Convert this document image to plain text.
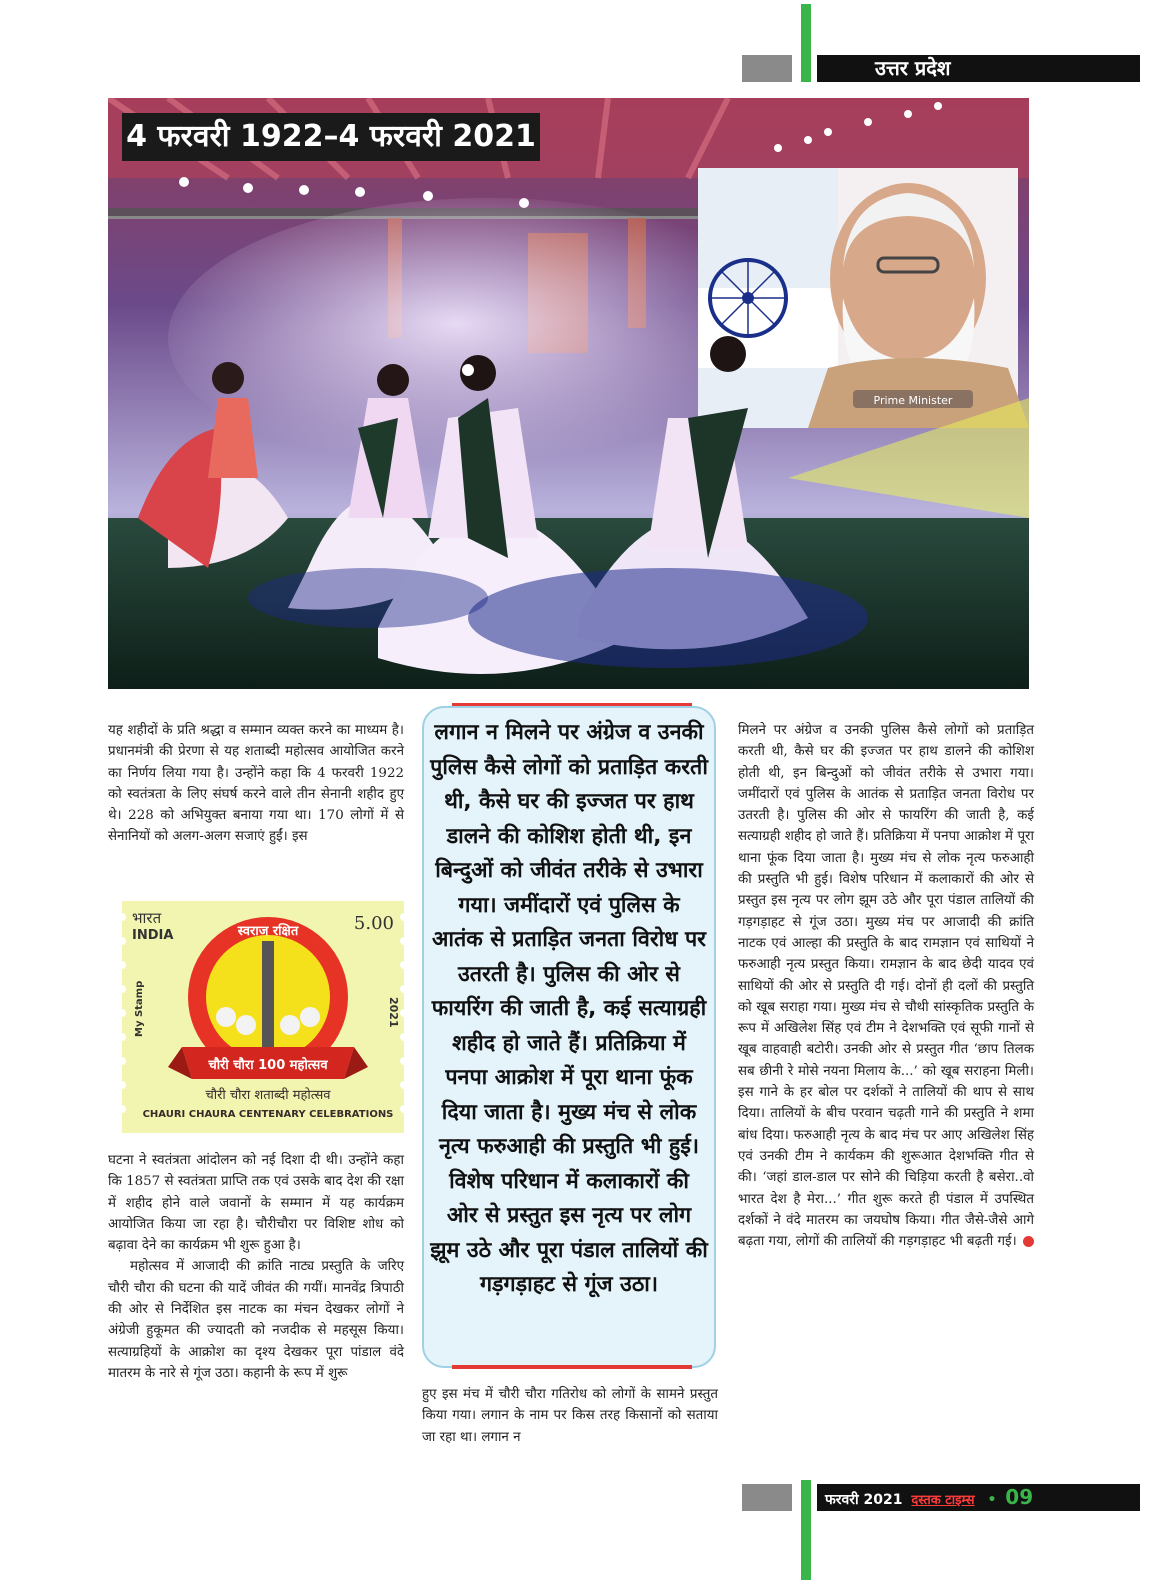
उत्तर प्रदेश
Prime Minister
4 फरवरी 1922–4 फरवरी 2021

यह शहीदों के प्रति श्रद्धा व सम्मान व्यक्त करने का माध्यम है। प्रधानमंत्री की प्रेरणा से यह शताब्दी महोत्सव आयोजित करने का निर्णय लिया गया है। उन्होंने कहा कि 4 फरवरी 1922 को स्वतंत्रता के लिए संघर्ष करने वाले तीन सेनानी शहीद हुए थे। 228 को अभियुक्त बनाया गया था। 170 लोगों में से सेनानियों को अलग-अलग सजाएं हुईं। इस

चौरी चौरा 100 महोत्सव
स्वराज रक्षित
भारत
INDIA
5.00
My Stamp	2021
चौरी चौरा शताब्दी महोत्सव
CHAURI CHAURA CENTENARY CELEBRATIONS

घटना ने स्वतंत्रता आंदोलन को नई दिशा दी थी। उन्होंने कहा कि 1857 से स्वतंत्रता प्राप्ति तक एवं उसके बाद देश की रक्षा में शहीद होने वाले जवानों के सम्मान में यह कार्यक्रम आयोजित किया जा रहा है। चौरीचौरा पर विशिष्ट शोध को बढ़ावा देने का कार्यक्रम भी शुरू हुआ है।

महोत्सव में आजादी की क्रांति नाट्य प्रस्तुति के जरिए चौरी चौरा की घटना की यादें जीवंत की गयीं। मानवेंद्र त्रिपाठी की ओर से निर्देशित इस नाटक का मंचन देखकर लोगों ने अंग्रेजी हुकूमत की ज्यादती को नजदीक से महसूस किया। सत्याग्रहियों के आक्रोश का दृश्य देखकर पूरा पांडाल वंदे मातरम के नारे से गूंज उठा। कहानी के रूप में शुरू

लगान न मिलने पर अंग्रेज व उनकी पुलिस कैसे लोगों को प्रताड़ित करती थी, कैसे घर की इज्जत पर हाथ डालने की कोशिश होती थी, इन बिन्दुओं को जीवंत तरीके से उभारा गया। जमींदारों एवं पुलिस के आतंक से प्रताड़ित जनता विरोध पर उतरती है। पुलिस की ओर से फायरिंग की जाती है, कई सत्याग्रही शहीद हो जाते हैं। प्रतिक्रिया में पनपा आक्रोश में पूरा थाना फूंक दिया जाता है। मुख्य मंच से लोक नृत्य फरुआही की प्रस्तुति भी हुई। विशेष परिधान में कलाकारों की ओर से प्रस्तुत इस नृत्य पर लोग झूम उठे और पूरा पंडाल तालियों की गड़गड़ाहट से गूंज उठा।

हुए इस मंच में चौरी चौरा गतिरोध को लोगों के सामने प्रस्तुत किया गया। लगान के नाम पर किस तरह किसानों को सताया जा रहा था। लगान न

मिलने पर अंग्रेज व उनकी पुलिस कैसे लोगों को प्रताड़ित करती थी, कैसे घर की इज्जत पर हाथ डालने की कोशिश होती थी, इन बिन्दुओं को जीवंत तरीके से उभारा गया। जमींदारों एवं पुलिस के आतंक से प्रताड़ित जनता विरोध पर उतरती है। पुलिस की ओर से फायरिंग की जाती है, कई सत्याग्रही शहीद हो जाते हैं। प्रतिक्रिया में पनपा आक्रोश में पूरा थाना फूंक दिया जाता है। मुख्य मंच से लोक नृत्य फरुआही की प्रस्तुति भी हुई। विशेष परिधान में कलाकारों की ओर से प्रस्तुत इस नृत्य पर लोग झूम उठे और पूरा पंडाल तालियों की गड़गड़ाहट से गूंज उठा। मुख्य मंच पर आजादी की क्रांति नाटक एवं आल्हा की प्रस्तुति के बाद रामज्ञान एवं साथियों ने फरुआही नृत्य प्रस्तुत किया। रामज्ञान के बाद छेदी यादव एवं साथियों की ओर से प्रस्तुति दी गई। दोनों ही दलों की प्रस्तुति को खूब सराहा गया। मुख्य मंच से चौथी सांस्कृतिक प्रस्तुति के रूप में अखिलेश सिंह एवं टीम ने देशभक्ति एवं सूफी गानों से खूब वाहवाही बटोरी। उनकी ओर से प्रस्तुत गीत ‘छाप तिलक सब छीनी रे मोसे नयना मिलाय के...’ को खूब सराहना मिली। इस गाने के हर बोल पर दर्शकों ने तालियों की थाप से साथ दिया। तालियों के बीच परवान चढ़ती गाने की प्रस्तुति ने शमा बांध दिया। फरुआही नृत्य के बाद मंच पर आए अखिलेश सिंह एवं उनकी टीम ने कार्यकम की शुरूआत देशभक्ति गीत से की। ‘जहां डाल-डाल पर सोने की चिड़िया करती है बसेरा..वो भारत देश है मेरा...’ गीत शुरू करते ही पंडाल में उपस्थित दर्शकों ने वंदे मातरम का जयघोष किया। गीत जैसे-जैसे आगे बढ़ता गया, लोगों की तालियों की गड़गड़ाहट भी बढ़ती गई।

फरवरी 2021 दस्तक टाइम्स • 09
